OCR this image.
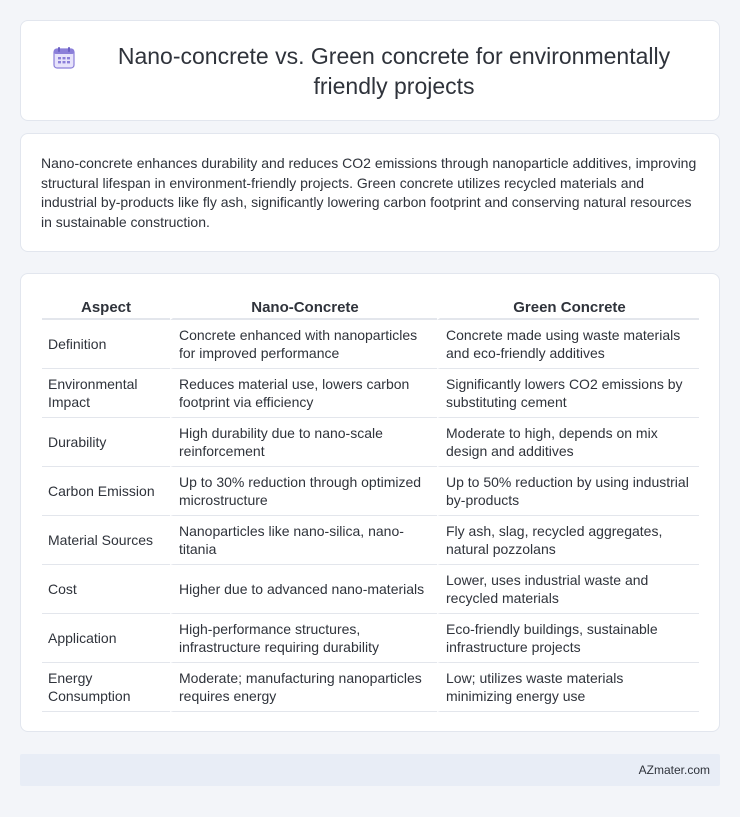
Nano-concrete vs. Green concrete for environmentally friendly projects

Nano-concrete enhances durability and reduces CO2 emissions through nanoparticle additives, improving structural lifespan in environment-friendly projects. Green concrete utilizes recycled materials and industrial by-products like fly ash, significantly lowering carbon footprint and conserving natural resources in sustainable construction.

Aspect	Nano-Concrete	Green Concrete
Definition	Concrete enhanced with nanoparticles for improved performance	Concrete made using waste materials and eco-friendly additives
Environmental Impact	Reduces material use, lowers carbon footprint via efficiency	Significantly lowers CO2 emissions by substituting cement
Durability	High durability due to nano-scale reinforcement	Moderate to high, depends on mix design and additives
Carbon Emission	Up to 30% reduction through optimized microstructure	Up to 50% reduction by using industrial by-products
Material Sources	Nanoparticles like nano-silica, nano-titania	Fly ash, slag, recycled aggregates, natural pozzolans
Cost	Higher due to advanced nano-materials	Lower, uses industrial waste and recycled materials
Application	High-performance structures, infrastructure requiring durability	Eco-friendly buildings, sustainable infrastructure projects
Energy Consumption	Moderate; manufacturing nanoparticles requires energy	Low; utilizes waste materials minimizing energy use
AZmater.com
